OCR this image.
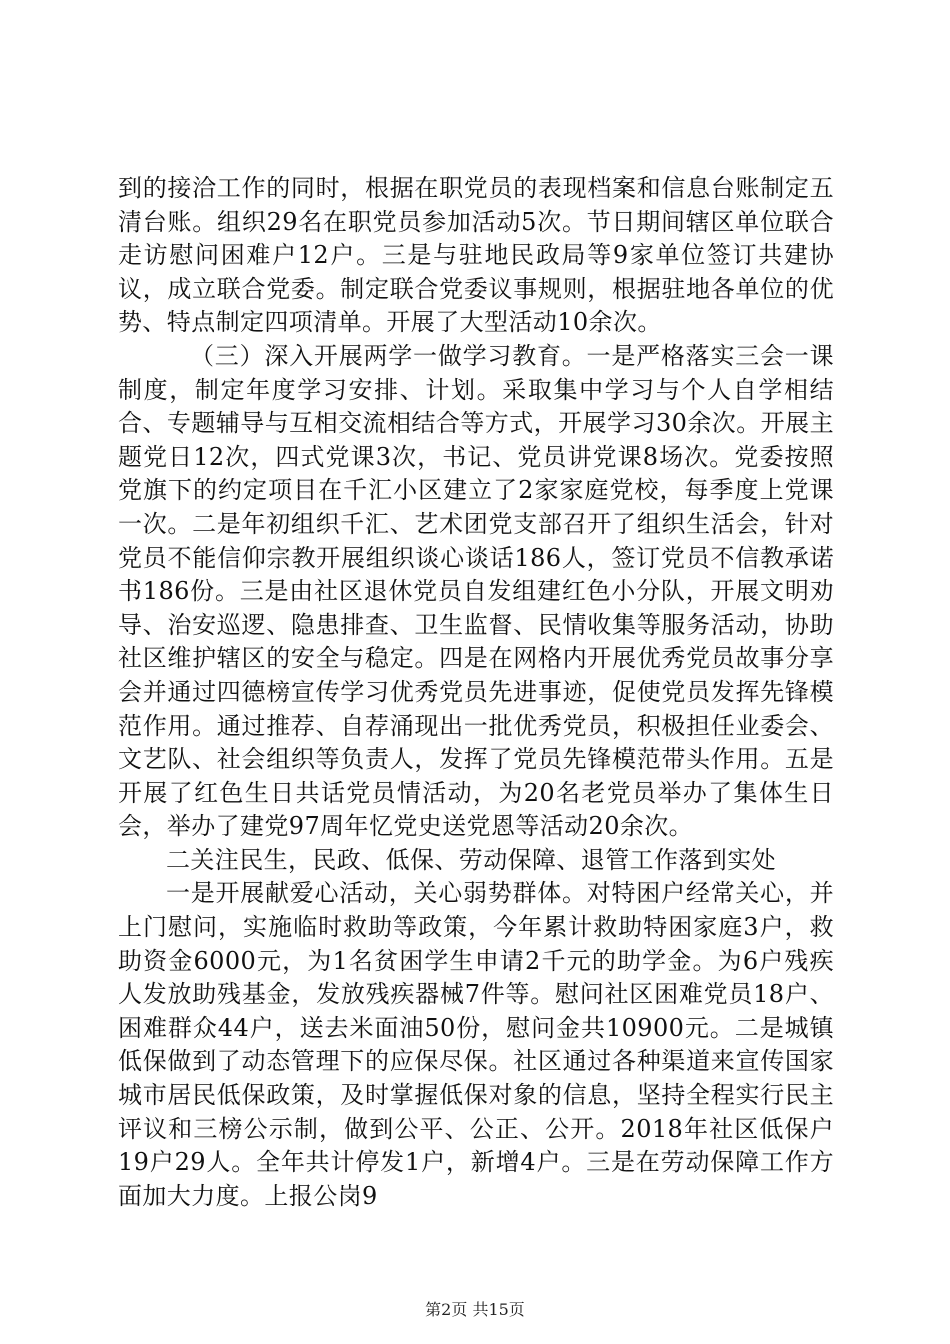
到的接洽工作的同时，根据在职党员的表现档案和信息台账制定五清台账。组织29名在职党员参加活动5次。节日期间辖区单位联合走访慰问困难户12户。三是与驻地民政局等9家单位签订共建协议，成立联合党委。制定联合党委议事规则，根据驻地各单位的优势、特点制定四项清单。开展了大型活动10余次。

（三）深入开展两学一做学习教育。一是严格落实三会一课制度，制定年度学习安排、计划。采取集中学习与个人自学相结合、专题辅导与互相交流相结合等方式，开展学习30余次。开展主题党日12次，四式党课3次，书记、党员讲党课8场次。党委按照党旗下的约定项目在千汇小区建立了2家家庭党校，每季度上党课一次。二是年初组织千汇、艺术团党支部召开了组织生活会，针对党员不能信仰宗教开展组织谈心谈话186人，签订党员不信教承诺书186份。三是由社区退休党员自发组建红色小分队，开展文明劝导、治安巡逻、隐患排查、卫生监督、民情收集等服务活动，协助社区维护辖区的安全与稳定。四是在网格内开展优秀党员故事分享会并通过四德榜宣传学习优秀党员先进事迹，促使党员发挥先锋模范作用。通过推荐、自荐涌现出一批优秀党员，积极担任业委会、文艺队、社会组织等负责人，发挥了党员先锋模范带头作用。五是开展了红色生日共话党员情活动，为20名老党员举办了集体生日会，举办了建党97周年忆党史送党恩等活动20余次。

二关注民生，民政、低保、劳动保障、退管工作落到实处

一是开展献爱心活动，关心弱势群体。对特困户经常关心，并上门慰问，实施临时救助等政策，今年累计救助特困家庭3户，救助资金6000元，为1名贫困学生申请2千元的助学金。为6户残疾人发放助残基金，发放残疾器械7件等。慰问社区困难党员18户、困难群众44户，送去米面油50份，慰问金共10900元。二是城镇低保做到了动态管理下的应保尽保。社区通过各种渠道来宣传国家城市居民低保政策，及时掌握低保对象的信息，坚持全程实行民主评议和三榜公示制，做到公平、公正、公开。2018年社区低保户19户29人。全年共计停发1户，新增4户。三是在劳动保障工作方面加大力度。上报公岗9

第2页 共15页
